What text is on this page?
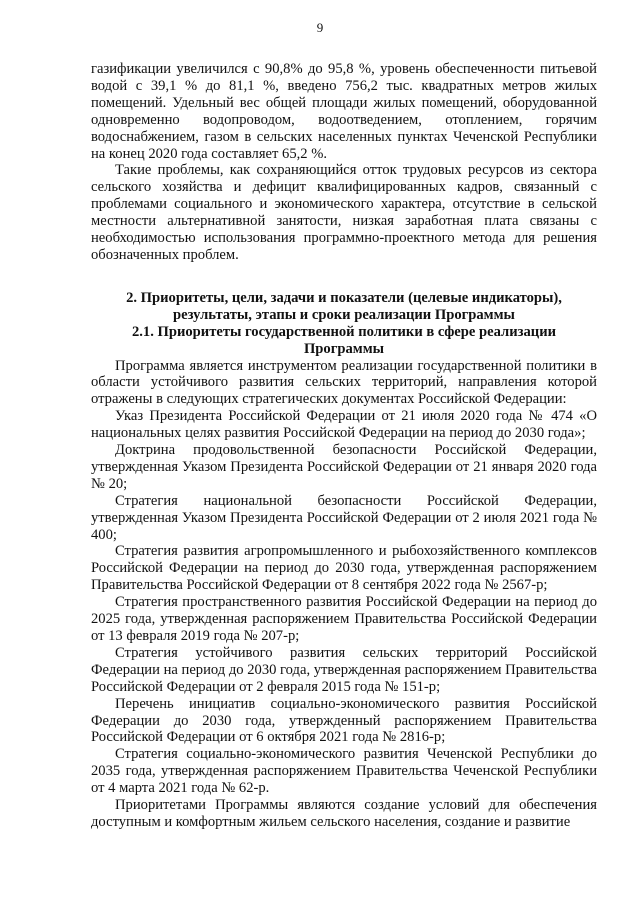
9

газификации увеличился с 90,8% до 95,8 %, уровень обеспеченности питьевой водой с 39,1 % до 81,1 %, введено 756,2 тыс. квадратных метров жилых помещений. Удельный вес общей площади жилых помещений, оборудованной одновременно водопроводом, водоотведением, отоплением, горячим водоснабжением, газом в сельских населенных пунктах Чеченской Республики на конец 2020 года составляет 65,2 %.

Такие проблемы, как сохраняющийся отток трудовых ресурсов из сектора сельского хозяйства и дефицит квалифицированных кадров, связанный с проблемами социального и экономического характера, отсутствие в сельской местности альтернативной занятости, низкая заработная плата связаны с необходимостью использования программно-проектного метода для решения обозначенных проблем.

2. Приоритеты, цели, задачи и показатели (целевые индикаторы), результаты, этапы и сроки реализации Программы

2.1. Приоритеты государственной политики в сфере реализации Программы

Программа является инструментом реализации государственной политики в области устойчивого развития сельских территорий, направления которой отражены в следующих стратегических документах Российской Федерации:

Указ Президента Российской Федерации от 21 июля 2020 года № 474 «О национальных целях развития Российской Федерации на период до 2030 года»;

Доктрина продовольственной безопасности Российской Федерации, утвержденная Указом Президента Российской Федерации от 21 января 2020 года № 20;

Стратегия национальной безопасности Российской Федерации, утвержденная Указом Президента Российской Федерации от 2 июля 2021 года № 400;

Стратегия развития агропромышленного и рыбохозяйственного комплексов Российской Федерации на период до 2030 года, утвержденная распоряжением Правительства Российской Федерации от 8 сентября 2022 года № 2567-р;

Стратегия пространственного развития Российской Федерации на период до 2025 года, утвержденная распоряжением Правительства Российской Федерации от 13 февраля 2019 года № 207-р;

Стратегия устойчивого развития сельских территорий Российской Федерации на период до 2030 года, утвержденная распоряжением Правительства Российской Федерации от 2 февраля 2015 года № 151-р;

Перечень инициатив социально-экономического развития Российской Федерации до 2030 года, утвержденный распоряжением Правительства Российской Федерации от 6 октября 2021 года № 2816-р;

Стратегия социально-экономического развития Чеченской Республики до 2035 года, утвержденная распоряжением Правительства Чеченской Республики от 4 марта 2021 года № 62-р.

Приоритетами Программы являются создание условий для обеспечения доступным и комфортным жильем сельского населения, создание и развитие
